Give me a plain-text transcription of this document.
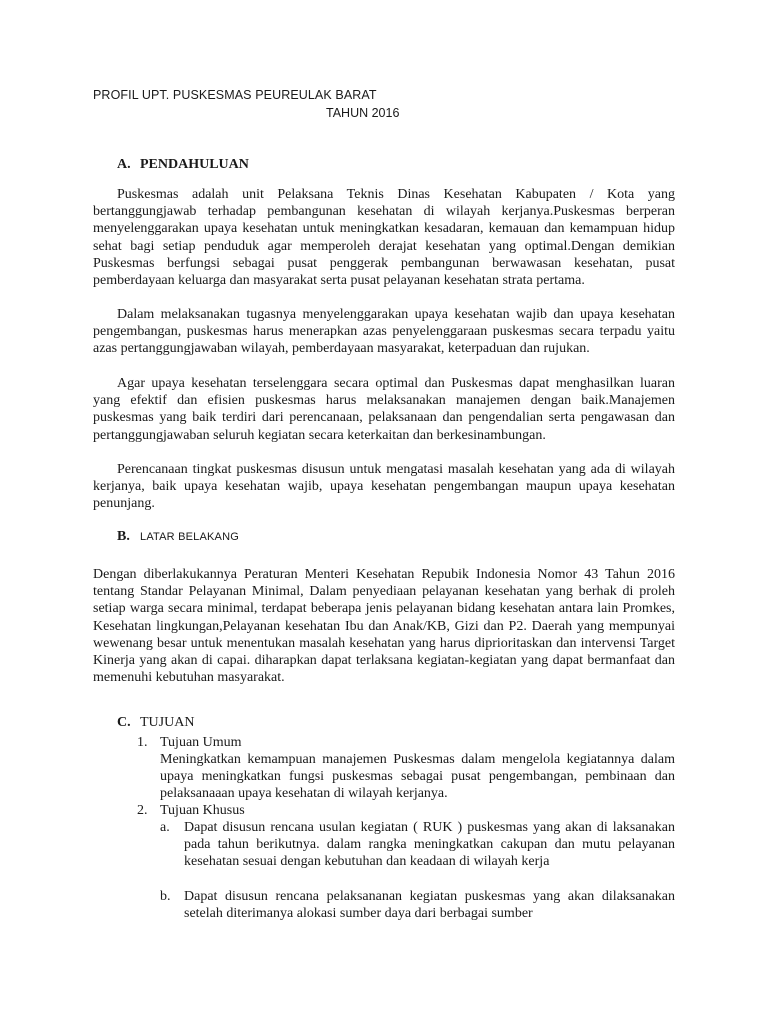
PROFIL UPT. PUSKESMAS PEUREULAK BARAT
TAHUN 2016
A. PENDAHULUAN

Puskesmas adalah unit Pelaksana Teknis Dinas Kesehatan Kabupaten / Kota yang bertanggungjawab terhadap pembangunan kesehatan di wilayah kerjanya.Puskesmas berperan menyelenggarakan upaya kesehatan untuk meningkatkan kesadaran, kemauan dan kemampuan hidup sehat bagi setiap penduduk agar memperoleh derajat kesehatan yang optimal.Dengan demikian Puskesmas berfungsi sebagai pusat penggerak pembangunan berwawasan kesehatan, pusat pemberdayaan keluarga dan masyarakat serta pusat pelayanan kesehatan strata pertama.

Dalam melaksanakan tugasnya menyelenggarakan upaya kesehatan wajib dan upaya kesehatan pengembangan, puskesmas harus menerapkan azas penyelenggaraan puskesmas secara terpadu yaitu azas pertanggungjawaban wilayah, pemberdayaan masyarakat, keterpaduan dan rujukan.

Agar upaya kesehatan terselenggara secara optimal dan Puskesmas dapat menghasilkan luaran yang efektif dan efisien puskesmas harus melaksanakan manajemen dengan baik.Manajemen puskesmas yang baik terdiri dari perencanaan, pelaksanaan dan pengendalian serta pengawasan dan pertanggungjawaban seluruh kegiatan secara keterkaitan dan berkesinambungan.

Perencanaan tingkat puskesmas disusun untuk mengatasi masalah kesehatan yang ada di wilayah kerjanya, baik upaya kesehatan wajib, upaya kesehatan pengembangan maupun upaya kesehatan penunjang.

B. LATAR BELAKANG

Dengan diberlakukannya Peraturan Menteri Kesehatan Repubik Indonesia Nomor 43 Tahun 2016 tentang Standar Pelayanan Minimal, Dalam penyediaan pelayanan kesehatan yang berhak di proleh setiap warga secara minimal, terdapat beberapa jenis pelayanan bidang kesehatan antara lain Promkes, Kesehatan lingkungan,Pelayanan kesehatan Ibu dan Anak/KB, Gizi dan P2. Daerah yang mempunyai wewenang besar untuk menentukan masalah kesehatan yang harus diprioritaskan dan intervensi Target Kinerja yang akan di capai. diharapkan dapat terlaksana kegiatan-kegiatan yang dapat bermanfaat dan memenuhi kebutuhan masyarakat.

C. TUJUAN
1. Tujuan Umum

Meningkatkan kemampuan manajemen Puskesmas dalam mengelola kegiatannya dalam upaya meningkatkan fungsi puskesmas sebagai pusat pengembangan, pembinaan dan pelaksanaaan upaya kesehatan di wilayah kerjanya.

2. Tujuan Khusus
a. Dapat disusun rencana usulan kegiatan ( RUK ) puskesmas yang akan di laksanakan pada tahun berikutnya. dalam rangka meningkatkan cakupan dan mutu pelayanan kesehatan sesuai dengan kebutuhan dan keadaan di wilayah kerja

b. Dapat disusun rencana pelaksananan kegiatan puskesmas yang akan dilaksanakan setelah diterimanya alokasi sumber daya dari berbagai sumber
